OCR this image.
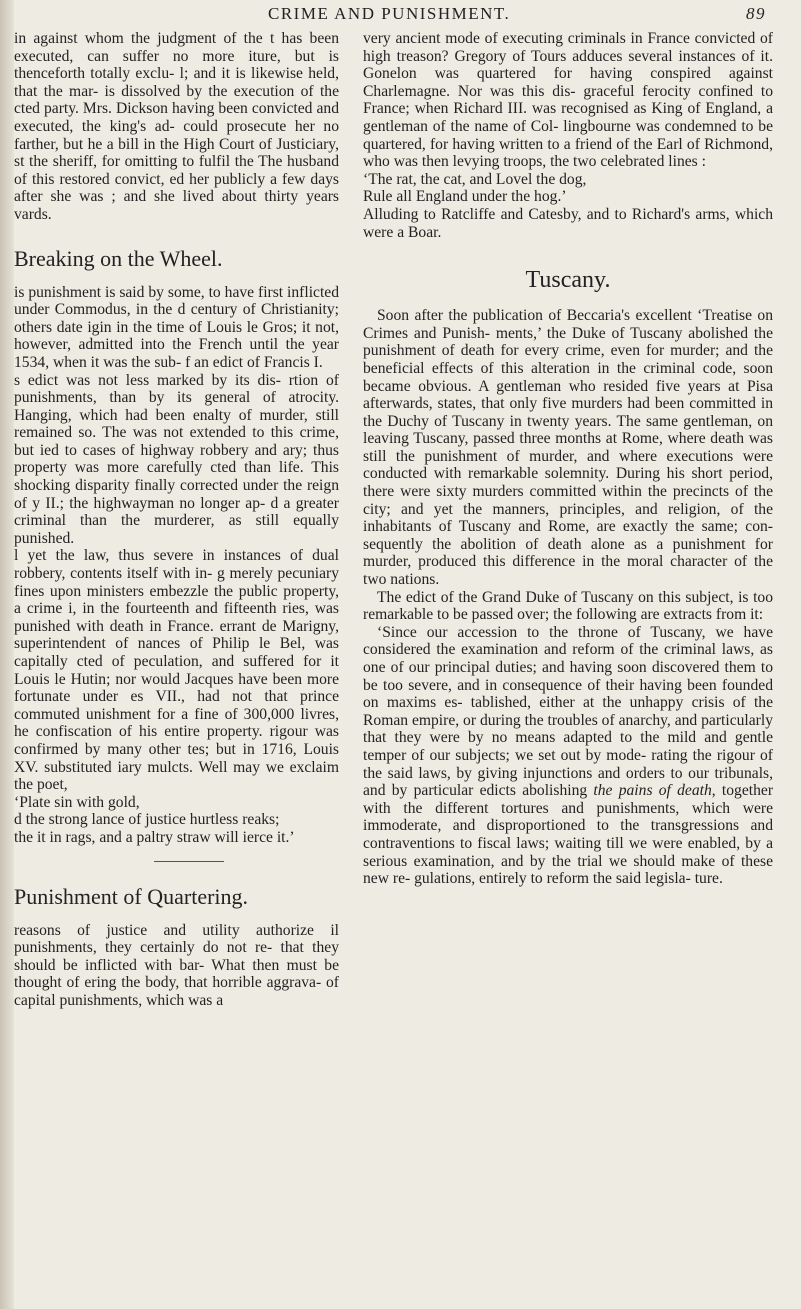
CRIME AND PUNISHMENT.	89

in against whom the judgment of the t has been executed, can suffer no more iture, but is thenceforth totally exclu- l; and it is likewise held, that the mar- is dissolved by the execution of the cted party. Mrs. Dickson having been convicted and executed, the king's ad- could prosecute her no farther, but he a bill in the High Court of Justiciary, st the sheriff, for omitting to fulfil the The husband of this restored convict, ed her publicly a few days after she was ; and she lived about thirty years vards.

Breaking on the Wheel.

is punishment is said by some, to have first inflicted under Commodus, in the d century of Christianity; others date igin in the time of Louis le Gros; it not, however, admitted into the French until the year 1534, when it was the sub- f an edict of Francis I.

s edict was not less marked by its dis- rtion of punishments, than by its general of atrocity. Hanging, which had been enalty of murder, still remained so. The was not extended to this crime, but ied to cases of highway robbery and ary; thus property was more carefully cted than life. This shocking disparity finally corrected under the reign of y II.; the highwayman no longer ap- d a greater criminal than the murderer, as still equally punished.

l yet the law, thus severe in instances of dual robbery, contents itself with in- g merely pecuniary fines upon ministers embezzle the public property, a crime i, in the fourteenth and fifteenth ries, was punished with death in France. errant de Marigny, superintendent of nances of Philip le Bel, was capitally cted of peculation, and suffered for it Louis le Hutin; nor would Jacques have been more fortunate under es VII., had not that prince commuted unishment for a fine of 300,000 livres, he confiscation of his entire property. rigour was confirmed by many other tes; but in 1716, Louis XV. substituted iary mulcts. Well may we exclaim the poet,

‘Plate sin with gold,

d the strong lance of justice hurtless reaks;

the it in rags, and a paltry straw will ierce it.’

Punishment of Quartering.

reasons of justice and utility authorize il punishments, they certainly do not re- that they should be inflicted with bar- What then must be thought of ering the body, that horrible aggrava- of capital punishments, which was a

very ancient mode of executing criminals in France convicted of high treason? Gregory of Tours adduces several instances of it. Gonelon was quartered for having conspired against Charlemagne. Nor was this dis- graceful ferocity confined to France; when Richard III. was recognised as King of England, a gentleman of the name of Col- lingbourne was condemned to be quartered, for having written to a friend of the Earl of Richmond, who was then levying troops, the two celebrated lines :

‘The rat, the cat, and Lovel the dog,

Rule all England under the hog.’

Alluding to Ratcliffe and Catesby, and to Richard's arms, which were a Boar.

Tuscany.

Soon after the publication of Beccaria's excellent ‘Treatise on Crimes and Punish- ments,’ the Duke of Tuscany abolished the punishment of death for every crime, even for murder; and the beneficial effects of this alteration in the criminal code, soon became obvious. A gentleman who resided five years at Pisa afterwards, states, that only five murders had been committed in the Duchy of Tuscany in twenty years. The same gentleman, on leaving Tuscany, passed three months at Rome, where death was still the punishment of murder, and where executions were conducted with remarkable solemnity. During his short period, there were sixty murders committed within the precincts of the city; and yet the manners, principles, and religion, of the inhabitants of Tuscany and Rome, are exactly the same; con- sequently the abolition of death alone as a punishment for murder, produced this difference in the moral character of the two nations.

The edict of the Grand Duke of Tuscany on this subject, is too remarkable to be passed over; the following are extracts from it:

‘Since our accession to the throne of Tuscany, we have considered the examination and reform of the criminal laws, as one of our principal duties; and having soon discovered them to be too severe, and in consequence of their having been founded on maxims es- tablished, either at the unhappy crisis of the Roman empire, or during the troubles of anarchy, and particularly that they were by no means adapted to the mild and gentle temper of our subjects; we set out by mode- rating the rigour of the said laws, by giving injunctions and orders to our tribunals, and by particular edicts abolishing the pains of death, together with the different tortures and punishments, which were immoderate, and disproportioned to the transgressions and contraventions to fiscal laws; waiting till we were enabled, by a serious examination, and by the trial we should make of these new re- gulations, entirely to reform the said legisla- ture.
